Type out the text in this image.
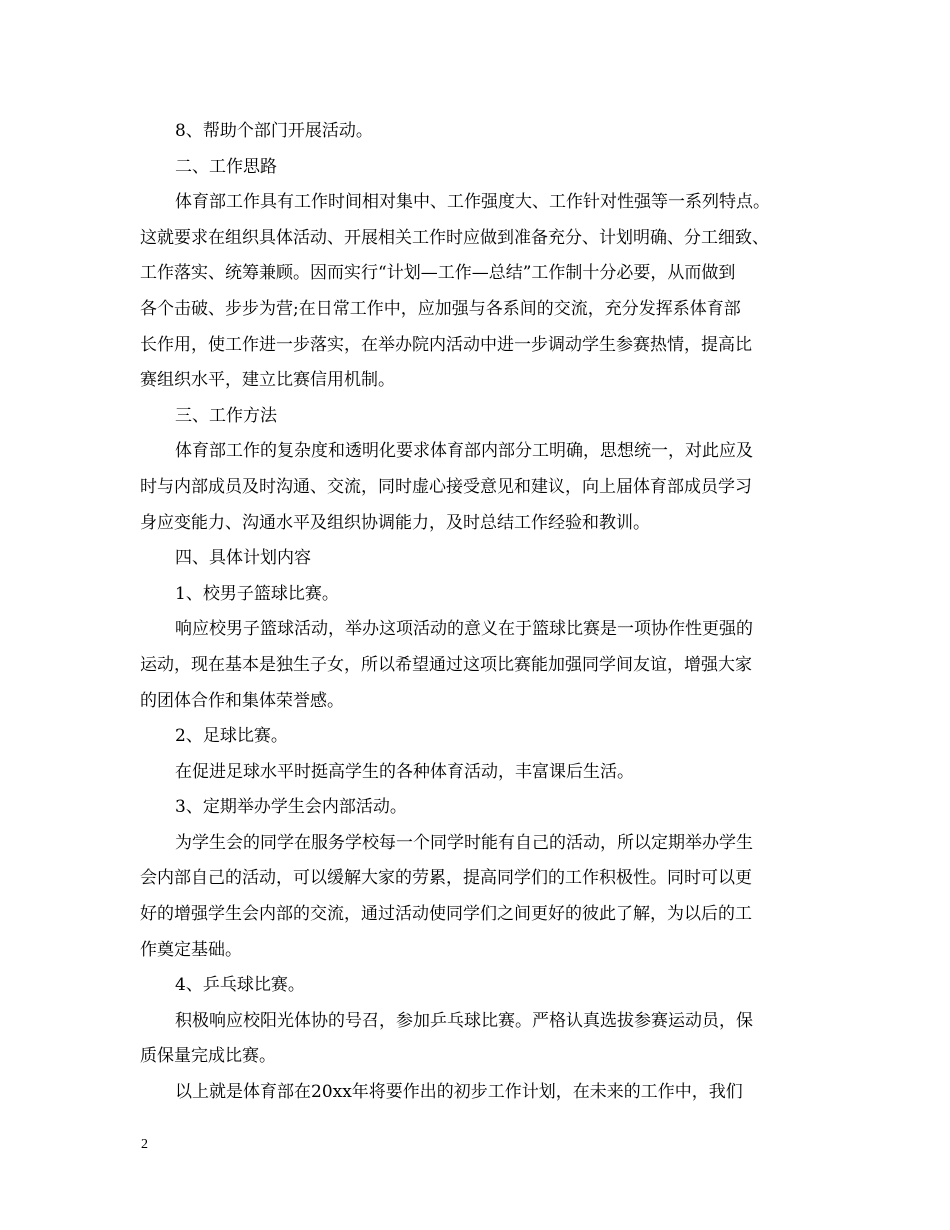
8、帮助个部门开展活动。
二、工作思路
体育部工作具有工作时间相对集中、工作强度大、工作针对性强等一系列特点。
这就要求在组织具体活动、开展相关工作时应做到准备充分、计划明确、分工细致、
工作落实、统筹兼顾。因而实行“计划—工作—总结”工作制十分必要，从而做到
各个击破、步步为营;在日常工作中，应加强与各系间的交流，充分发挥系体育部
长作用，使工作进一步落实，在举办院内活动中进一步调动学生参赛热情，提高比
赛组织水平，建立比赛信用机制。
三、工作方法
体育部工作的复杂度和透明化要求体育部内部分工明确，思想统一，对此应及
时与内部成员及时沟通、交流，同时虚心接受意见和建议，向上届体育部成员学习
身应变能力、沟通水平及组织协调能力，及时总结工作经验和教训。
四、具体计划内容
1、校男子篮球比赛。
响应校男子篮球活动，举办这项活动的意义在于篮球比赛是一项协作性更强的
运动，现在基本是独生子女，所以希望通过这项比赛能加强同学间友谊，增强大家
的团体合作和集体荣誉感。
2、足球比赛。
在促进足球水平时挺高学生的各种体育活动，丰富课后生活。
3、定期举办学生会内部活动。
为学生会的同学在服务学校每一个同学时能有自己的活动，所以定期举办学生
会内部自己的活动，可以缓解大家的劳累，提高同学们的工作积极性。同时可以更
好的增强学生会内部的交流，通过活动使同学们之间更好的彼此了解，为以后的工
作奠定基础。
4、乒乓球比赛。
积极响应校阳光体协的号召，参加乒乓球比赛。严格认真选拔参赛运动员，保
质保量完成比赛。
以上就是体育部在20xx年将要作出的初步工作计划，在未来的工作中，我们
2
